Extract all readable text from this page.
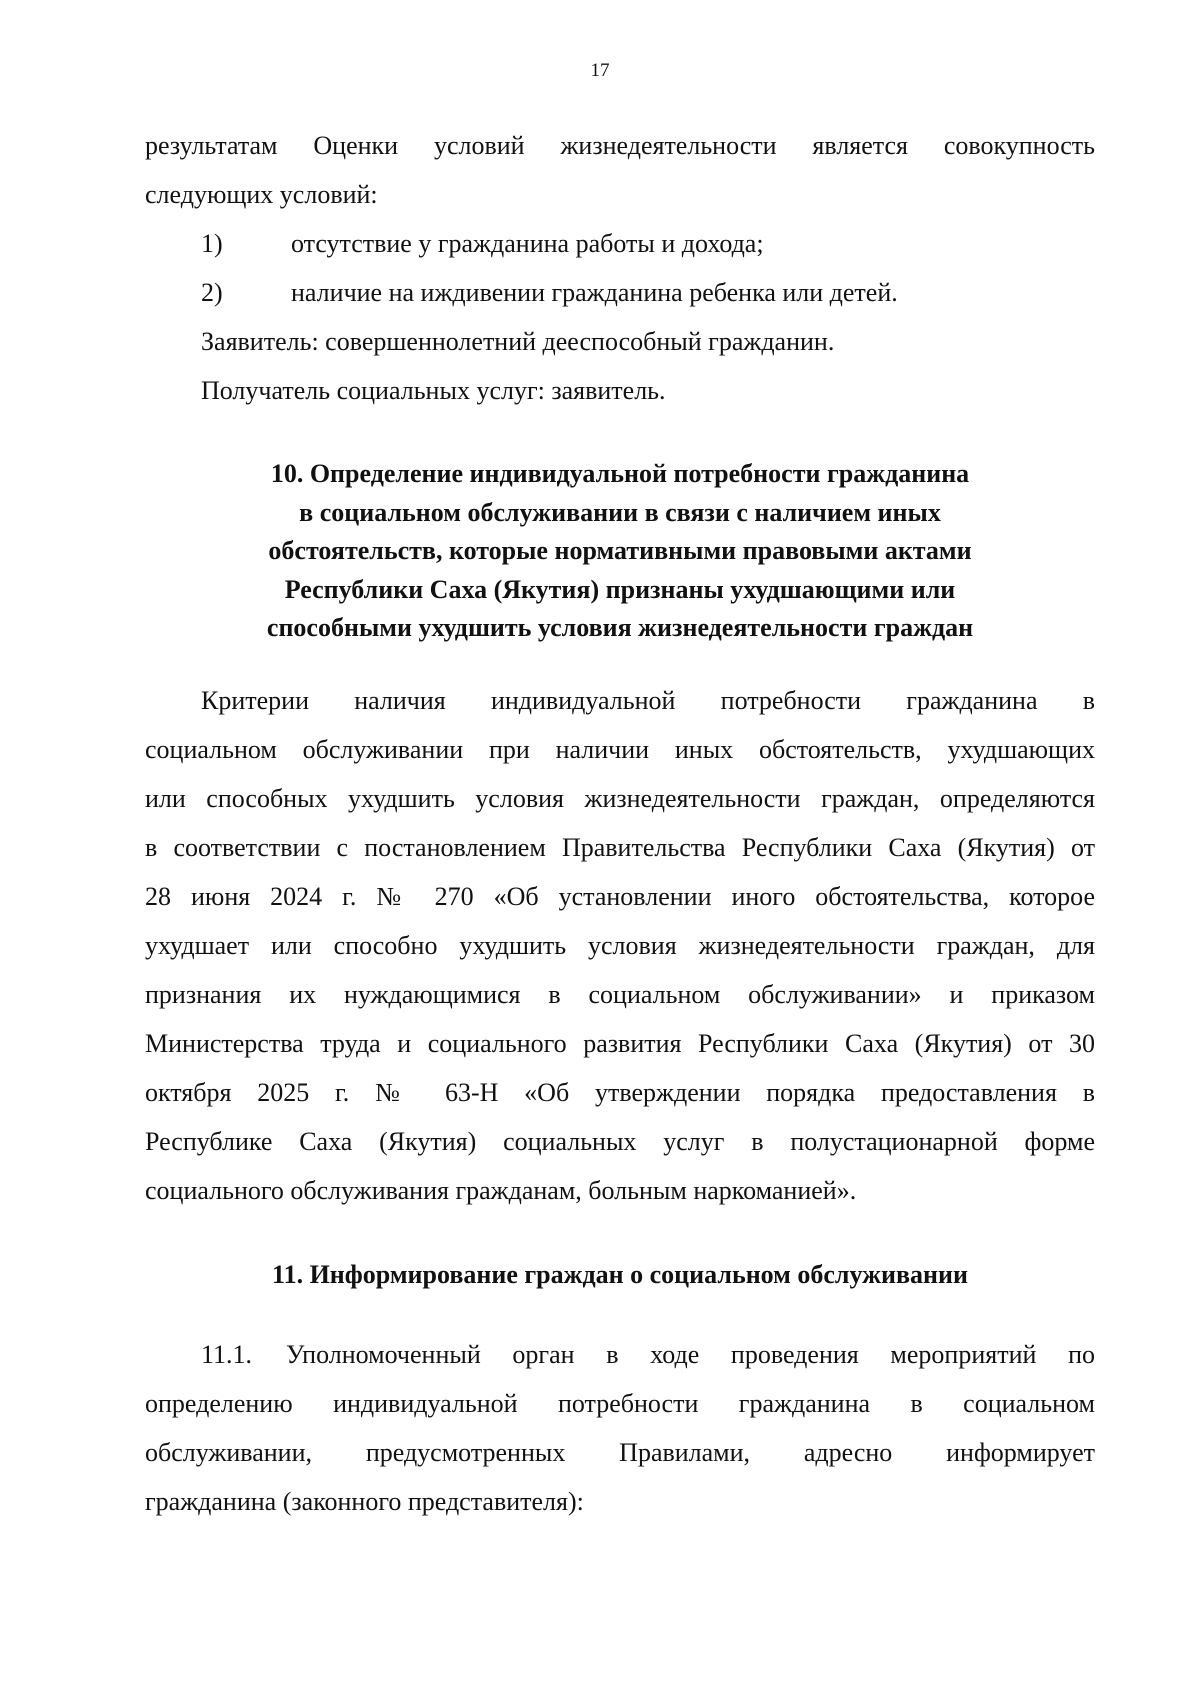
17
результатам Оценки условий жизнедеятельности является совокупность
следующих условий:
1)	отсутствие у гражданина работы и дохода;
2)	наличие на иждивении гражданина ребенка или детей.
Заявитель: совершеннолетний дееспособный гражданин.
Получатель социальных услуг: заявитель.
10. Определение индивидуальной потребности гражданина
в социальном обслуживании в связи с наличием иных
обстоятельств, которые нормативными правовыми актами
Республики Саха (Якутия) признаны ухудшающими или
способными ухудшить условия жизнедеятельности граждан
Критерии наличия индивидуальной потребности гражданина в
социальном обслуживании при наличии иных обстоятельств, ухудшающих
или способных ухудшить условия жизнедеятельности граждан, определяются
в соответствии с постановлением Правительства Республики Саха (Якутия) от
28 июня 2024 г. № 270 «Об установлении иного обстоятельства, которое
ухудшает или способно ухудшить условия жизнедеятельности граждан, для
признания их нуждающимися в социальном обслуживании» и приказом
Министерства труда и социального развития Республики Саха (Якутия) от 30
октября 2025 г. № 63-Н «Об утверждении порядка предоставления в
Республике Саха (Якутия) социальных услуг в полустационарной форме
социального обслуживания гражданам, больным наркоманией».
11. Информирование граждан о социальном обслуживании
11.1. Уполномоченный орган в ходе проведения мероприятий по
определению индивидуальной потребности гражданина в социальном
обслуживании, предусмотренных Правилами, адресно информирует
гражданина (законного представителя):
